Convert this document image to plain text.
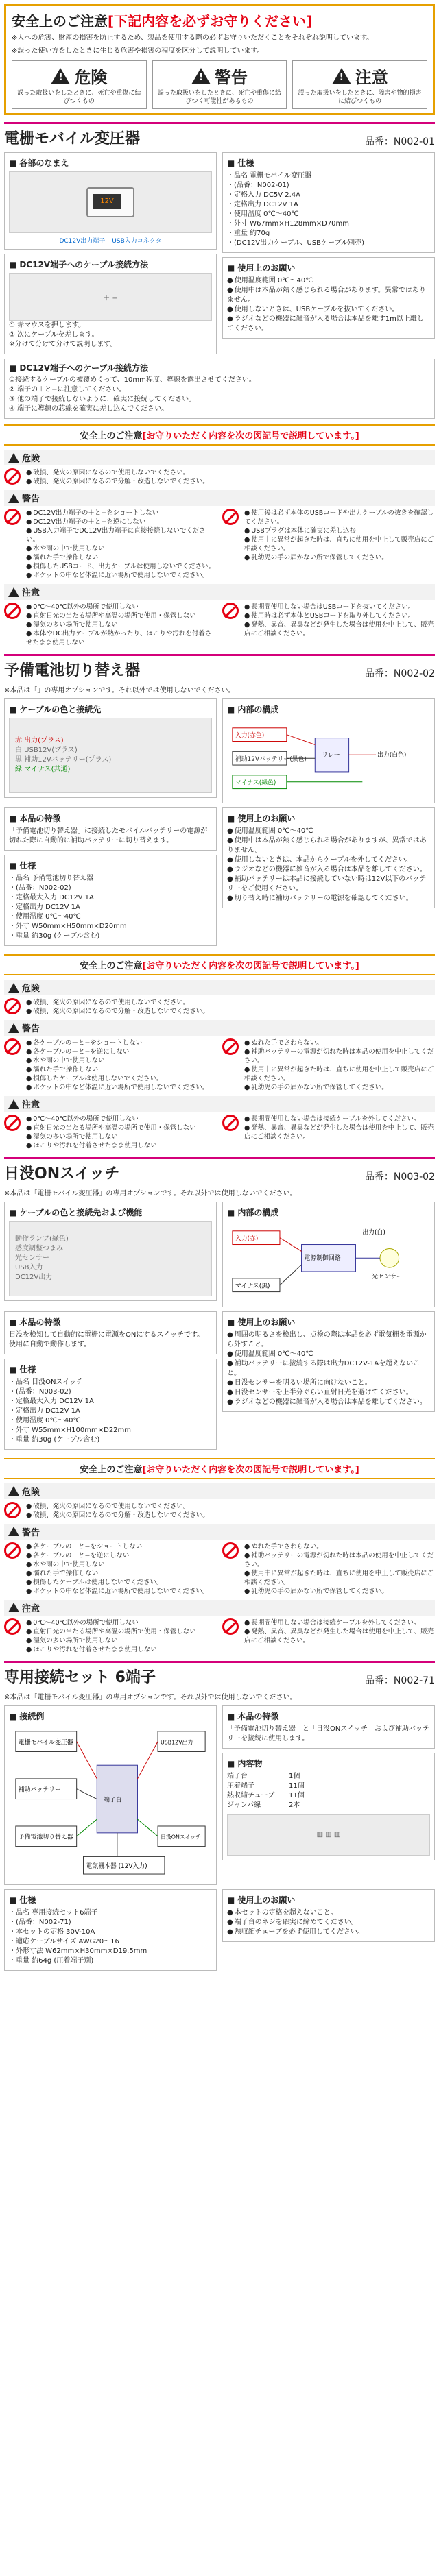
安全上のご注意[下記内容を必ずお守りください]
※人への危害、財産の損害を防止するため、製品を使用する際の必ずお守りいただくことをそれぞれ説明しています。
※誤った使い方をしたときに生じる危害や損害の程度を区分して説明しています。
!
危険
誤った取扱いをしたときに、死亡や重傷に結びつくもの
!
警告
誤った取扱いをしたときに、死亡や重傷に結びつく可能性があるもの
!
注意
誤った取扱いをしたときに、障害や物的損害に結びつくもの
電栅モバイル変圧器	品番：N002-01
■ 各部のなまえ
12V
DC12V出力端子 USB入力コネクタ
■ DC12V端子へのケーブル接続方法
＋ −
① 赤マウスを押します。
② 次にケーブルを差します。
※分けて分けて分けて説明します。
■ 仕様
・ 品名 電栅モバイル変圧器
・ (品番：N002-01)
・ 定格入力 DC5V 2.4A
・ 定格出力 DC12V 1A
・ 使用温度 0℃〜40℃
・ 外寸 W67mm×H128mm×D70mm
・ 重量 約70g
・ (DC12V出力ケーブル、USBケーブル別売)
■ 使用上のお願い
● 使用温度範囲 0℃〜40℃
● 使用中は本品が熱く感じられる場合があります。異常ではありません。
● 使用しないときは、USBケーブルを抜いてください。
● ラジオなどの機器に雑音が入る場合は本品を離す1m以上離してください。
■ DC12V端子へのケーブル接続方法
①接続するケーブルの被覆めくって、10mm程度、導線を露出させてください。
② 端子の＋と−に注意してください。
③ 他の端子で接続しないように、確実に接続してください。
④ 端子に導線の芯線を確実に差し込んでください。
安全上のご注意[お守りいただく内容を次の図記号で説明しています。]
危険
● 破損、発火の原因になるので使用しないでください。
● 破損、発火の原因になるので分解・改造しないでください。
警告
● DC12V出力端子の＋と−をショートしない
● DC12V出力端子の＋と−を逆にしない
● USB入力端子でDC12V出力端子に直接接続しないでください。
● 水や雨の中で使用しない
● 濡れた手で操作しない
● 損傷したUSBコード、出力ケーブルは使用しないでください。
● ポケットの中など体温に近い場所で使用しないでください。
● 使用後は必ず本体のUSBコードや出力ケーブルの抜きを確認してください。
● USBプラグは本体に確実に差し込む
● 使用中に異常が起きた時は、直ちに使用を中止して販売店にご相談ください。
● 乳幼児の手の届かない所で保管してください。
注意
● 0℃〜40℃以外の場所で使用しない
● 直射日光の当たる場所や高温の場所で使用・保管しない
● 湿気の多い場所で使用しない
● 本体やDC出力ケーブルが熱かったり、ほこりや汚れを付着させたまま使用しない
● 長期間使用しない場合はUSBコードを抜いてください。
● 使用時は必ず本体とUSBコードを取り外してください。
● 発熱、異音、異臭などが発生した場合は使用を中止して、販売店にご相談ください。
予備電池切り替え器	品番：N002-02
※本品は「」の専用オプションです。それ以外では使用しないでください。
■ ケーブルの色と接続先
赤 出力(プラス)
白 USB12V(プラス)
黒 補助12Vバッテリー(プラス)
緑 マイナス(共通)
■ 内部の構成
入力(赤色)
補助12Vバッテリー(黒色)
マイナス(緑色)
リレー	出力(白色)
■ 本品の特徴
「予備電池切り替え器」に接続したモバイルバッテリーの電源が切れた際に自動的に補助バッテリーに切り替えます。
■ 仕様
・ 品名 予備電池切り替え器
・ (品番：N002-02)
・ 定格最大入力 DC12V 1A
・ 定格出力 DC12V 1A
・ 使用温度 0℃〜40℃
・ 外寸 W50mm×H50mm×D20mm
・ 重量 約30g (ケーブル含む)
■ 使用上のお願い
● 使用温度範囲 0℃〜40℃
● 使用中は本品が熱く感じられる場合がありますが、異常ではありません。
● 使用しないときは、本品からケーブルを外してください。
● ラジオなどの機器に雑音が入る場合は本品を離してください。
● 補助バッテリーは本品に接続していない時は12V以下のバッテリーをご使用ください。
● 切り替え時に補助バッテリーの電源を確認してください。
安全上のご注意[お守りいただく内容を次の図記号で説明しています。]
危険
● 破損、発火の原因になるので使用しないでください。
● 破損、発火の原因になるので分解・改造しないでください。
警告
● 各ケーブルの＋と−をショートしない
● 各ケーブルの＋と−を逆にしない
● 水や雨の中で使用しない
● 濡れた手で操作しない
● 損傷したケーブルは使用しないでください。
● ポケットの中など体温に近い場所で使用しないでください。
● ぬれた手でさわらない。
● 補助バッテリーの電源が切れた時は本品の使用を中止してください。
● 使用中に異常が起きた時は、直ちに使用を中止して販売店にご相談ください。
● 乳幼児の手の届かない所で保管してください。
注意
● 0℃〜40℃以外の場所で使用しない
● 直射日光の当たる場所や高温の場所で使用・保管しない
● 湿気の多い場所で使用しない
● ほこりや汚れを付着させたまま使用しない
● 長期間使用しない場合は接続ケーブルを外してください。
● 発熱、異音、異臭などが発生した場合は使用を中止して、販売店にご相談ください。
日没ONスイッチ	品番：N003-02
※本品は「電栅モバイル変圧器」の専用オプションです。それ以外では使用しないでください。
■ ケーブルの色と接続先および機能
動作ランプ(緑色)
感度調整つまみ
光センサー
USB入力
DC12V出力
■ 内部の構成
入力(赤)
マイナス(黒)
電源制御回路
光センサー
出力(白)
■ 本品の特徴
日没を検知して自動的に電栅に電源をONにするスイッチです。
使用に自動で動作します。
■ 仕様
・ 品名 日没ONスイッチ
・ (品番：N003-02)
・ 定格最大入力 DC12V 1A
・ 定格出力 DC12V 1A
・ 使用温度 0℃〜40℃
・ 外寸 W55mm×H100mm×D22mm
・ 重量 約30g (ケーブル含む)
■ 使用上のお願い
● 周囲の明るさを検出し、点検の際は本品を必ず電気栅を電源から外すこと。
● 使用温度範囲 0℃〜40℃
● 補助バッテリーに接続する際は出力DC12V-1Aを超えないこと。
● 日没センサーを明るい場所に向けないこと。
● 日没センサーを上半分ぐらい直射日光を避けてください。
● ラジオなどの機器に雑音が入る場合は本品を離してください。
安全上のご注意[お守りいただく内容を次の図記号で説明しています。]
危険
● 破損、発火の原因になるので使用しないでください。
● 破損、発火の原因になるので分解・改造しないでください。
警告
● 各ケーブルの＋と−をショートしない
● 各ケーブルの＋と−を逆にしない
● 水や雨の中で使用しない
● 濡れた手で操作しない
● 損傷したケーブルは使用しないでください。
● ポケットの中など体温に近い場所で使用しないでください。
● ぬれた手でさわらない。
● 補助バッテリーの電源が切れた時は本品の使用を中止してください。
● 使用中に異常が起きた時は、直ちに使用を中止して販売店にご相談ください。
● 乳幼児の手の届かない所で保管してください。
注意
● 0℃〜40℃以外の場所で使用しない
● 直射日光の当たる場所や高温の場所で使用・保管しない
● 湿気の多い場所で使用しない
● ほこりや汚れを付着させたまま使用しない
● 長期間使用しない場合は接続ケーブルを外してください。
● 発熱、異音、異臭などが発生した場合は使用を中止して、販売店にご相談ください。
専用接続セット 6端子	品番：N002-71
※本品は「電栅モバイル変圧器」の専用オプションです。それ以外では使用しないでください。
■ 接続例
電栅モバイル変圧器
補助バッテリー
予備電池切り替え器
端子台
USB12V出力
日没ONスイッチ
電気栅本器 (12V入力)
■ 本品の特徴
「予備電池切り替え器」と「日没ONスイッチ」および補助バッテリーを接続に使用します。
■ 内容物
端子台	1個
圧着端子	11個
熱収縮チューブ	11個
ジャンパ線	2本
▥ ▥ ▥
■ 仕様
・ 品名 専用接続セット6端子
・ (品番：N002-71)
・ 本セットの定格 30V-10A
・ 適応ケーブルサイズ AWG20〜16
・ 外形寸法 W62mm×H30mm×D19.5mm
・ 重量 約64g (圧着端子別)
■ 使用上のお願い
● 本セットの定格を超えないこと。
● 端子台のネジを確実に締めてください。
● 熱収縮チューブを必ず使用してください。
